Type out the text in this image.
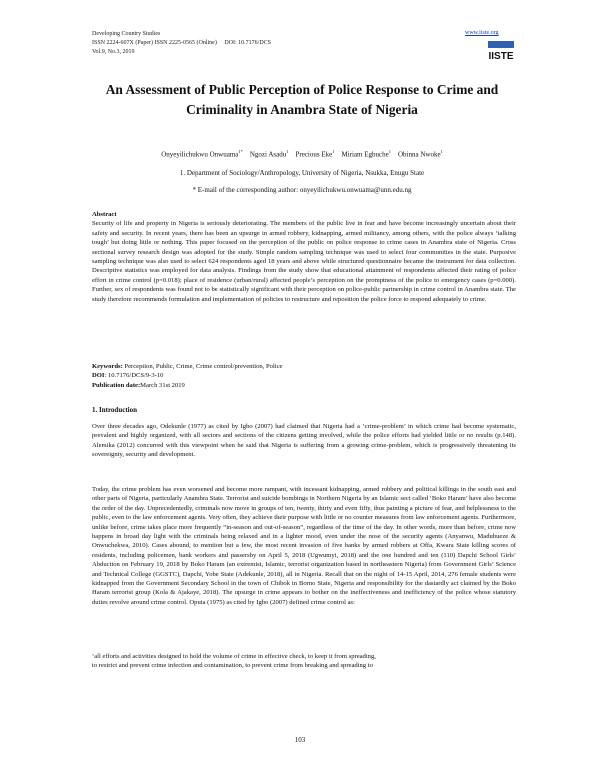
Developing Country Studies
ISSN 2224-607X (Paper) ISSN 2225-0565 (Online)     DOI: 10.7176/DCS
Vol.9, No.3, 2019
www.iiste.org
IISTE
An Assessment of Public Perception of Police Response to Crime and Criminality in Anambra State of Nigeria
Onyeyilichukwu Onwuama$^{1*}$ Ngozi Asadu$^1$ Precious Eke$^1$ Miriam Egbuche$^1$ Obinna Nwoke$^1$
1. Department of Sociology/Anthropology, University of Nigeria, Nsukka, Enugu State
* E-mail of the corresponding author: onyeyilichukwu.onwuama@unn.edu.ng
Abstract
Security of life and property in Nigeria is seriously deteriorating. The members of the public live in fear and have become increasingly uncertain about their safety and security. In recent years, there has been an upsurge in armed robbery, kidnapping, armed militancy, among others, with the police always ‘talking tough’ but doing little or nothing. This paper focused on the perception of the public on police response to crime cases in Anambra state of Nigeria. Cross sectional survey research design was adopted for the study. Simple random sampling technique was used to select four communities in the state. Purposive sampling technique was also used to select 624 respondents aged 18 years and above while structured questionnaire became the instrument for data collection. Descriptive statistics was employed for data analysis. Findings from the study show that educational attainment of respondents affected their rating of police effort in crime control (p=0.018); place of residence (urban/rural) affected people’s perception on the promptness of the police to emergency cases (p=0.000). Further, sex of respondents was found not to be statistically significant with their perception on police-public partnership in crime control in Anambra state. The study therefore recommends formulation and implementation of policies to restructure and reposition the police force to respond adequately to crime.
Keywords: Perception, Public, Crime, Crime control/prevention, Police
DOI: 10.7176/DCS/9-3-10
Publication date:March 31st 2019
1. Introduction
Over three decades ago, Odekunle (1977) as cited by Igbo (2007) had claimed that Nigeria had a ‘crime-problem’ in which crime had become systematic, prevalent and highly organized, with all sectors and sections of the citizens getting involved, while the police efforts had yielded little or no results (p.148). Alemika (2012) concurred with this viewpoint when he said that Nigeria is suffering from a growing crime-problem, which is progressively threatening its sovereignty, security and development.
Today, the crime problem has even worsened and become more rampant, with incessant kidnapping, armed robbery and political killings in the south east and other parts of Nigeria, particularly Anambra State. Terrorist and suicide bombings in Northern Nigeria by an Islamic sect called ‘Boko Haram’ have also become the order of the day. Unprecedentedly, criminals now move in groups of ten, twenty, thirty and even fifty, thus painting a picture of fear, and helplessness to the public, even to the law enforcement agents. Very often, they achieve their purpose with little or no counter measures from law enforcement agents. Furthermore, unlike before, crime takes place more frequently “in-season and out-of-season”, regardless of the time of the day. In other words, more than before, crime now happens in broad day light with the criminals being relaxed and in a lighter mood, even under the nose of the security agents (Anyanwu, Madubueze & Onwuchekwa, 2010). Cases abound, to mention but a few, the most recent invasion of five banks by armed robbers at Offa, Kwara State killing scores of residents, including policemen, bank workers and passersby on April 5, 2018 (Ugwumyi, 2018) and the one hundred and ten (110) Dapchi School Girls’ Abduction on February 19, 2018 by Boko Haram (an extremist, Islamic, terrorist organization based in northeastern Nigeria) from Government Girls’ Science and Technical College (GGSTC), Dapchi, Yobe State (Adekunle, 2018), all in Nigeria. Recall that on the night of 14-15 April, 2014, 276 female students were kidnapped from the Government Secondary School in the town of Chibok in Borno State, Nigeria and responsibility for the dastardly act claimed by the Boko Haram terrorist group (Kola & Ajakaye, 2018). The upsurge in crime appears to bother on the ineffectiveness and inefficiency of the police whose statutory duties revolve around crime control. Oputa (1975) as cited by Igbo (2007) defined crime control as:
‘all efforts and activities designed to hold the volume of crime in effective check, to keep it from spreading,
to restrict and prevent crime infection and contamination, to prevent crime from breaking and spreading to
103
